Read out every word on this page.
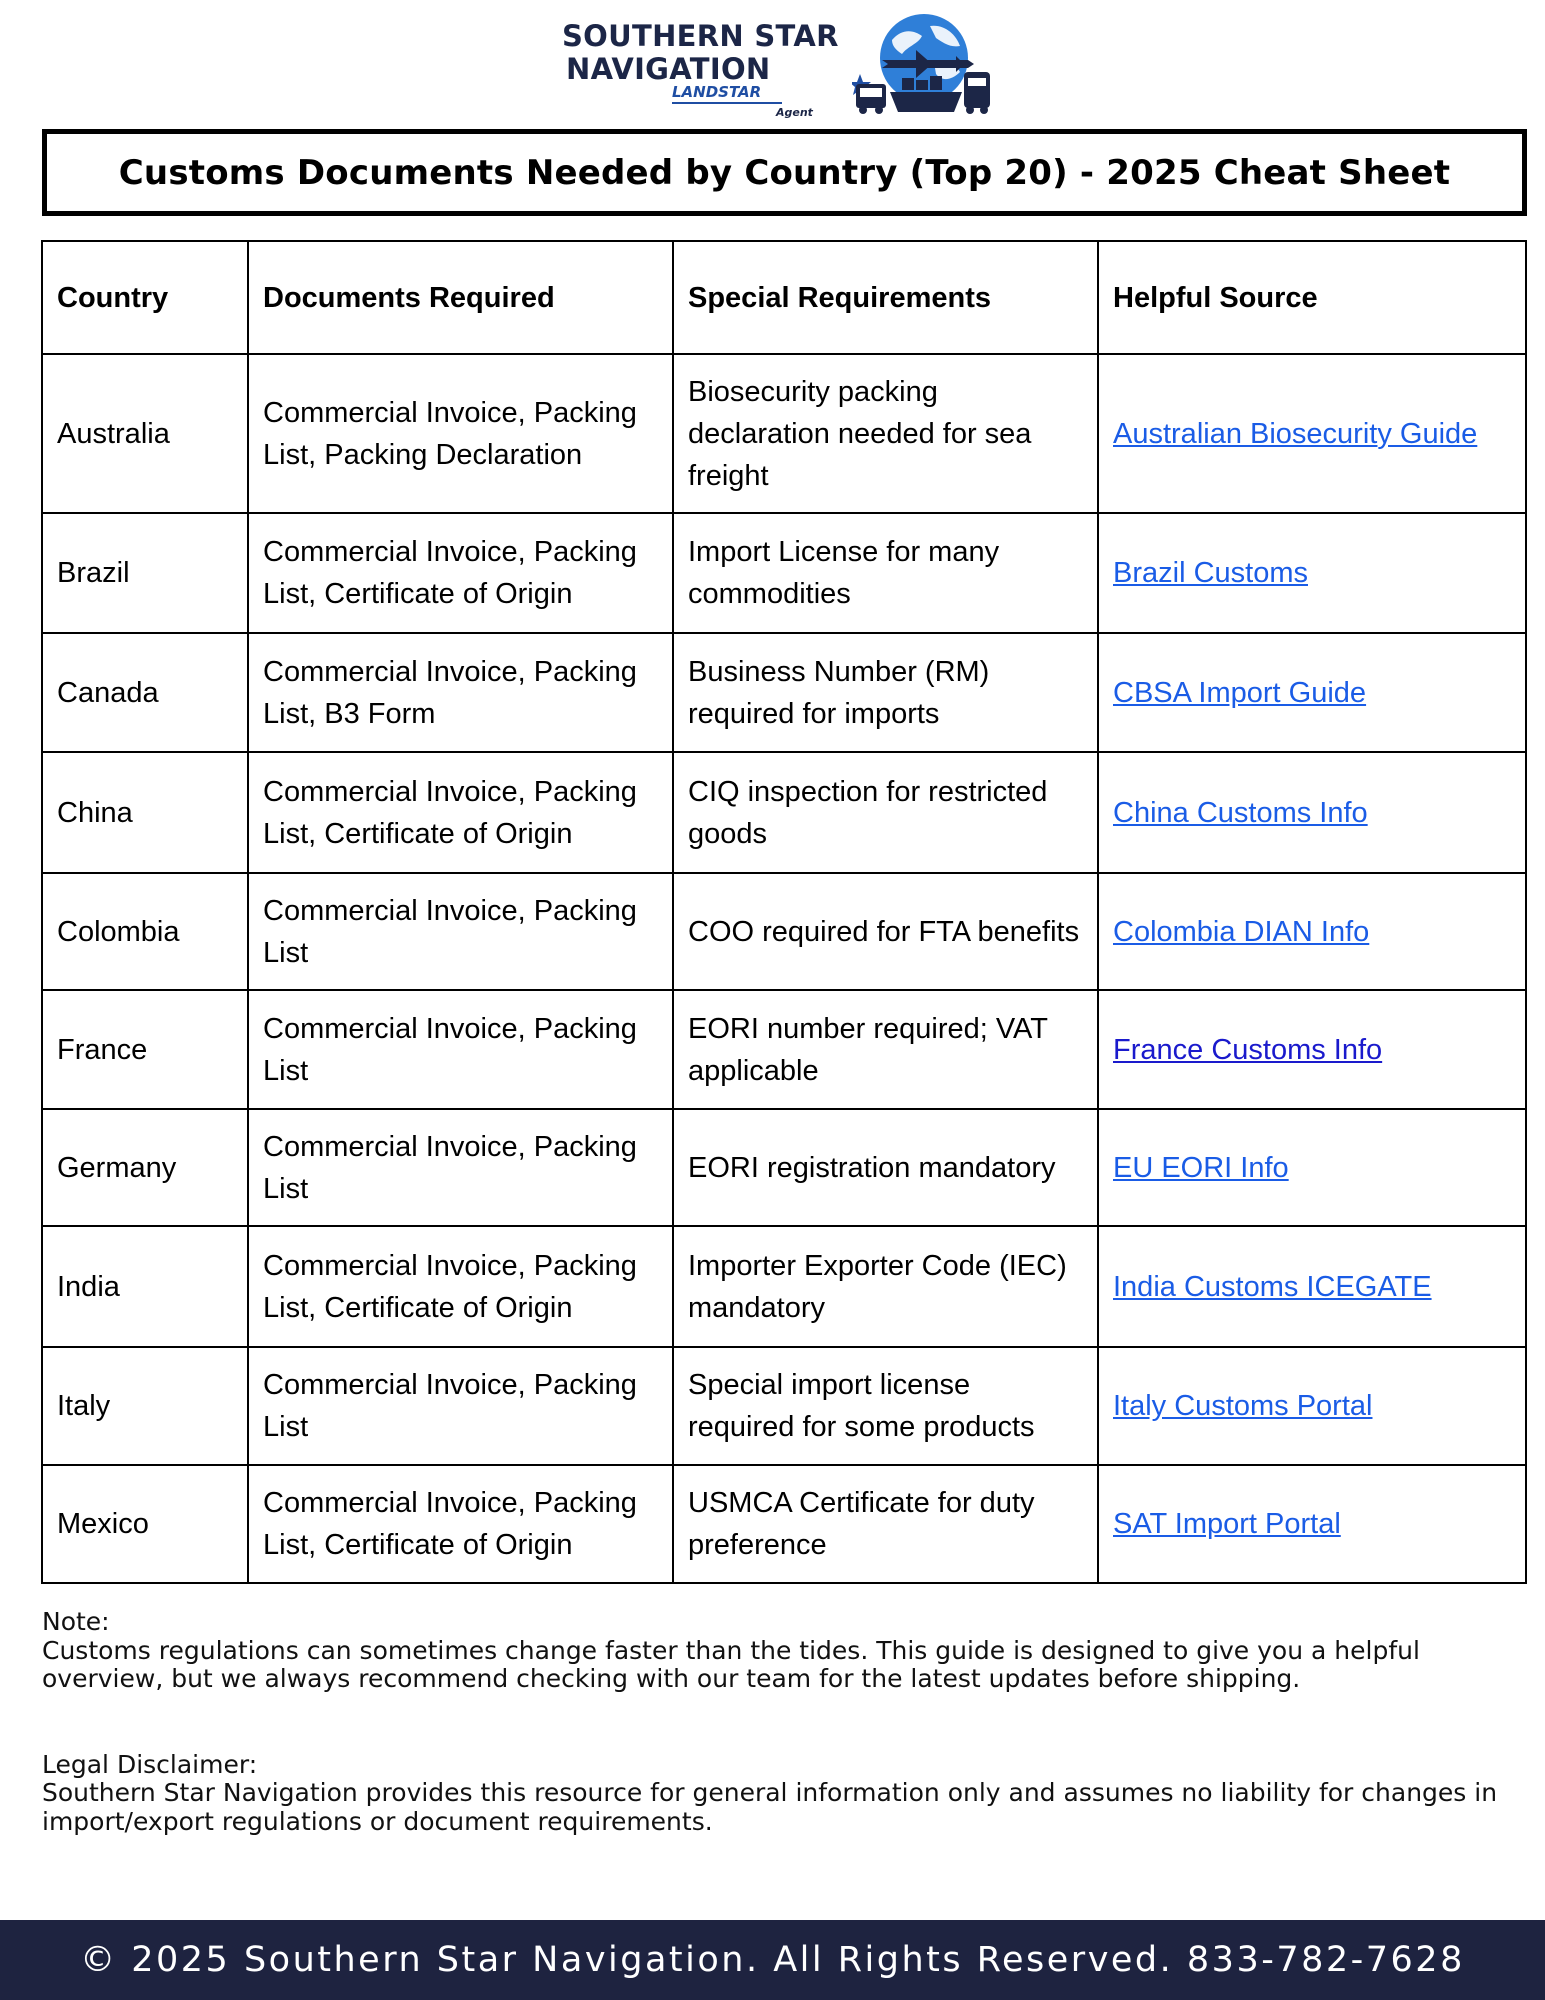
SOUTHERN STAR
NAVIGATION
LANDSTAR
Agent
Customs Documents Needed by Country (Top 20) - 2025 Cheat Sheet
Country	Documents Required	Special Requirements	Helpful Source
Australia	Commercial Invoice, Packing List, Packing Declaration	Biosecurity packing declaration needed for sea freight	Australian Biosecurity Guide
Brazil	Commercial Invoice, Packing List, Certificate of Origin	Import License for many commodities	Brazil Customs
Canada	Commercial Invoice, Packing List, B3 Form	Business Number (RM) required for imports	CBSA Import Guide
China	Commercial Invoice, Packing List, Certificate of Origin	CIQ inspection for restricted goods	China Customs Info
Colombia	Commercial Invoice, Packing List	COO required for FTA benefits	Colombia DIAN Info
France	Commercial Invoice, Packing List	EORI number required; VAT applicable	France Customs Info
Germany	Commercial Invoice, Packing List	EORI registration mandatory	EU EORI Info
India	Commercial Invoice, Packing List, Certificate of Origin	Importer Exporter Code (IEC) mandatory	India Customs ICEGATE
Italy	Commercial Invoice, Packing List	Special import license required for some products	Italy Customs Portal
Mexico	Commercial Invoice, Packing List, Certificate of Origin	USMCA Certificate for duty preference	SAT Import Portal

Note:

Customs regulations can sometimes change faster than the tides. This guide is designed to give you a helpful overview, but we always recommend checking with our team for the latest updates before shipping.

Legal Disclaimer:

Southern Star Navigation provides this resource for general information only and assumes no liability for changes in import/export regulations or document requirements.

© 2025 Southern Star Navigation. All Rights Reserved. 833-782-7628
